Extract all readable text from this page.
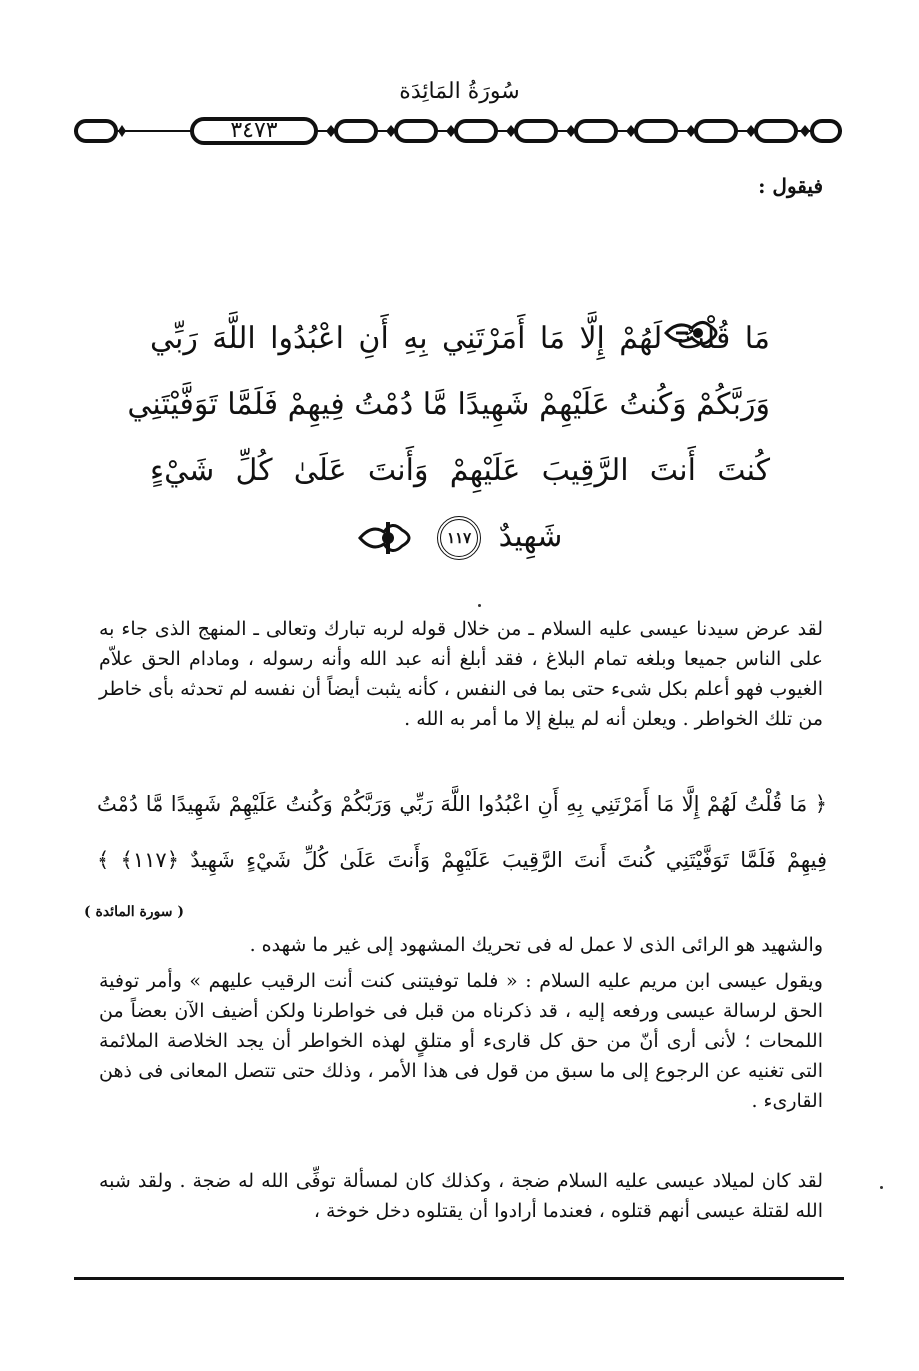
سُورَةُ المَائِدَة
٣٤٧٣
فيقول :
مَا قُلْتُ لَهُمْ إِلَّا مَا أَمَرْتَنِي بِهِ أَنِ اعْبُدُوا اللَّهَ رَبِّي
وَرَبَّكُمْ وَكُنتُ عَلَيْهِمْ شَهِيدًا مَّا دُمْتُ فِيهِمْ فَلَمَّا تَوَفَّيْتَنِي
كُنتَ أَنتَ الرَّقِيبَ عَلَيْهِمْ وَأَنتَ عَلَىٰ كُلِّ شَيْءٍ
شَهِيدٌ ١١٧

لقد عرض سيدنا عيسى عليه السلام ـ من خلال قوله لربه تبارك وتعالى ـ المنهج الذى جاء به على الناس جميعا وبلغه تمام البلاغ ، فقد أبلغ أنه عبد الله وأنه رسوله ، ومادام الحق علاّم الغيوب فهو أعلم بكل شىء حتى بما فى النفس ، كأنه يثبت أيضاً أن نفسه لم تحدثه بأى خاطر من تلك الخواطر . ويعلن أنه لم يبلغ إلا ما أمر به الله .

﴿ مَا قُلْتُ لَهُمْ إِلَّا مَا أَمَرْتَنِي بِهِ أَنِ اعْبُدُوا اللَّهَ رَبِّي وَرَبَّكُمْ وَكُنتُ عَلَيْهِمْ شَهِيدًا مَّا دُمْتُ
فِيهِمْ فَلَمَّا تَوَفَّيْتَنِي كُنتَ أَنتَ الرَّقِيبَ عَلَيْهِمْ وَأَنتَ عَلَىٰ كُلِّ شَيْءٍ شَهِيدٌ ﴿١١٧﴾ ﴾
( سورة المائدة )

والشهيد هو الرائى الذى لا عمل له فى تحريك المشهود إلى غير ما شهده .

ويقول عيسى ابن مريم عليه السلام : « فلما توفيتنى كنت أنت الرقيب عليهم » وأمر توفية الحق لرسالة عيسى ورفعه إليه ، قد ذكرناه من قبل فى خواطرنا ولكن أضيف الآن بعضاً من اللمحات ؛ لأنى أرى أنّ من حق كل قارىء أو متلقٍ لهذه الخواطر أن يجد الخلاصة الملائمة التى تغنيه عن الرجوع إلى ما سبق من قول فى هذا الأمر ، وذلك حتى تتصل المعانى فى ذهن القارىء .

لقد كان لميلاد عيسى عليه السلام ضجة ، وكذلك كان لمسألة توفِّى الله له ضجة . ولقد شبه الله لقتلة عيسى أنهم قتلوه ، فعندما أرادوا أن يقتلوه دخل خوخة ،
